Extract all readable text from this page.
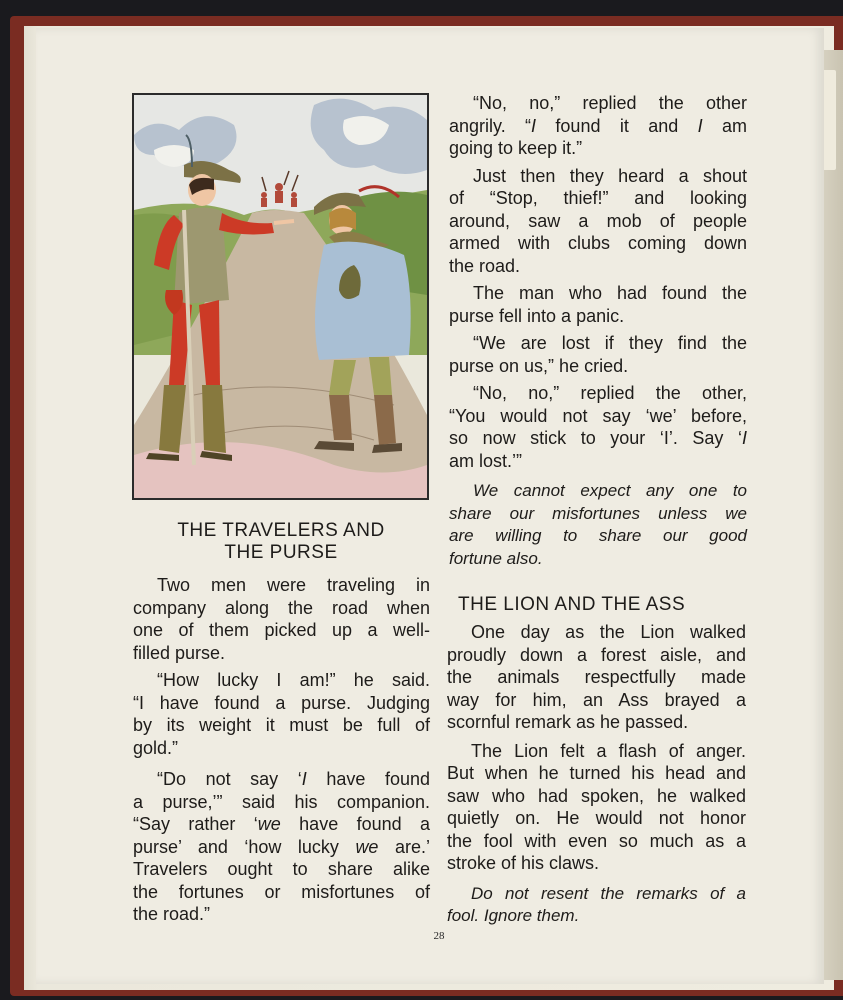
THE TRAVELERS AND
THE PURSE

Two men were traveling in
company along the road when
one of them picked up a well-
filled purse.

“How lucky I am!” he said.
“I have found a purse. Judging
by its weight it must be full of
gold.”

“Do not say ‘I have found
a purse,’” said his companion.
“Say rather ‘we have found a
purse’ and ‘how lucky we are.’
Travelers ought to share alike
the fortunes or misfortunes of
the road.”

“No, no,” replied the other
angrily. “I found it and I am
going to keep it.”

Just then they heard a shout
of “Stop, thief!” and looking
around, saw a mob of people
armed with clubs coming down
the road.

The man who had found the
purse fell into a panic.

“We are lost if they find the
purse on us,” he cried.

“No, no,” replied the other,
“You would not say ‘we’ before,
so now stick to your ‘I’. Say ‘I
am lost.’”

We cannot expect any one to
share our misfortunes unless we
are willing to share our good
fortune also.

THE LION AND THE ASS

One day as the Lion walked
proudly down a forest aisle, and
the animals respectfully made
way for him, an Ass brayed a
scornful remark as he passed.

The Lion felt a flash of anger.
But when he turned his head and
saw who had spoken, he walked
quietly on. He would not honor
the fool with even so much as a
stroke of his claws.

Do not resent the remarks of a
fool. Ignore them.

28
